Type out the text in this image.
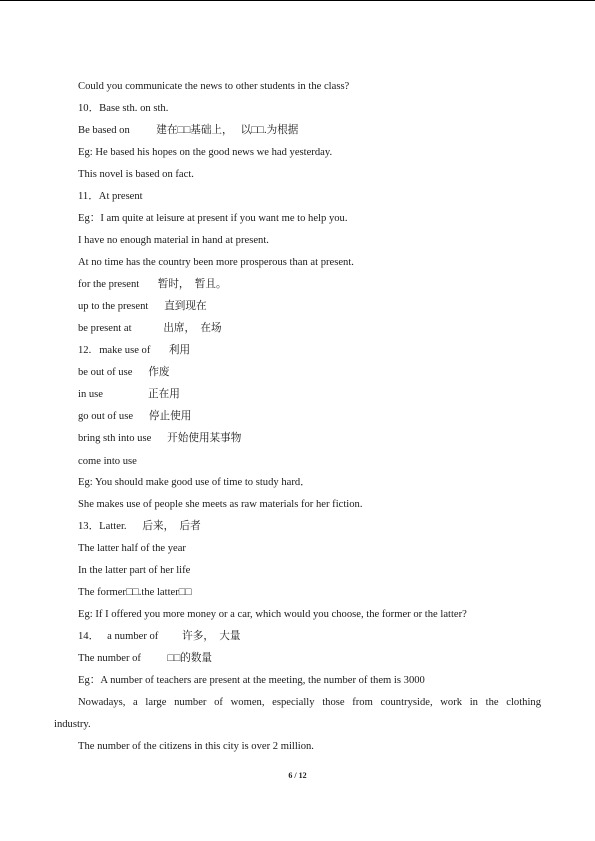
Could you communicate the news to other students in the class?

10．Base sth. on sth.

Be based on          建在□□基础上，   以□□.为根据

Eg: He based his hopes on the good news we had yesterday.

This novel is based on fact.

11．At present

Eg：I am quite at leisure at present if you want me to help you.

I have no enough material in hand at present.

At no time has the country been more prosperous than at present.

for the present       暂时，  暂且。

up to the present      直到现在

be present at            出席，  在场

12.   make use of       利用

be out of use      作废

in use                 正在用

go out of use      停止使用

bring sth into use      开始使用某事物

come into use

Eg: You should make good use of time to study hard．

She makes use of people she meets as raw materials for her fiction.

13．Latter.      后来，  后者

The latter half of the year

In the latter part of her life

The former□□.the latter□□

Eg: If I offered you more money or a car, which would you choose, the former or the latter?

14．   a number of         许多，  大量

The number of          □□的数量

Eg：A number of teachers are present at the meeting, the number of them is 3000

Nowadays, a large number of women, especially those from countryside, work in the clothing

industry.

The number of the citizens in this city is over 2 million.

6 / 12
